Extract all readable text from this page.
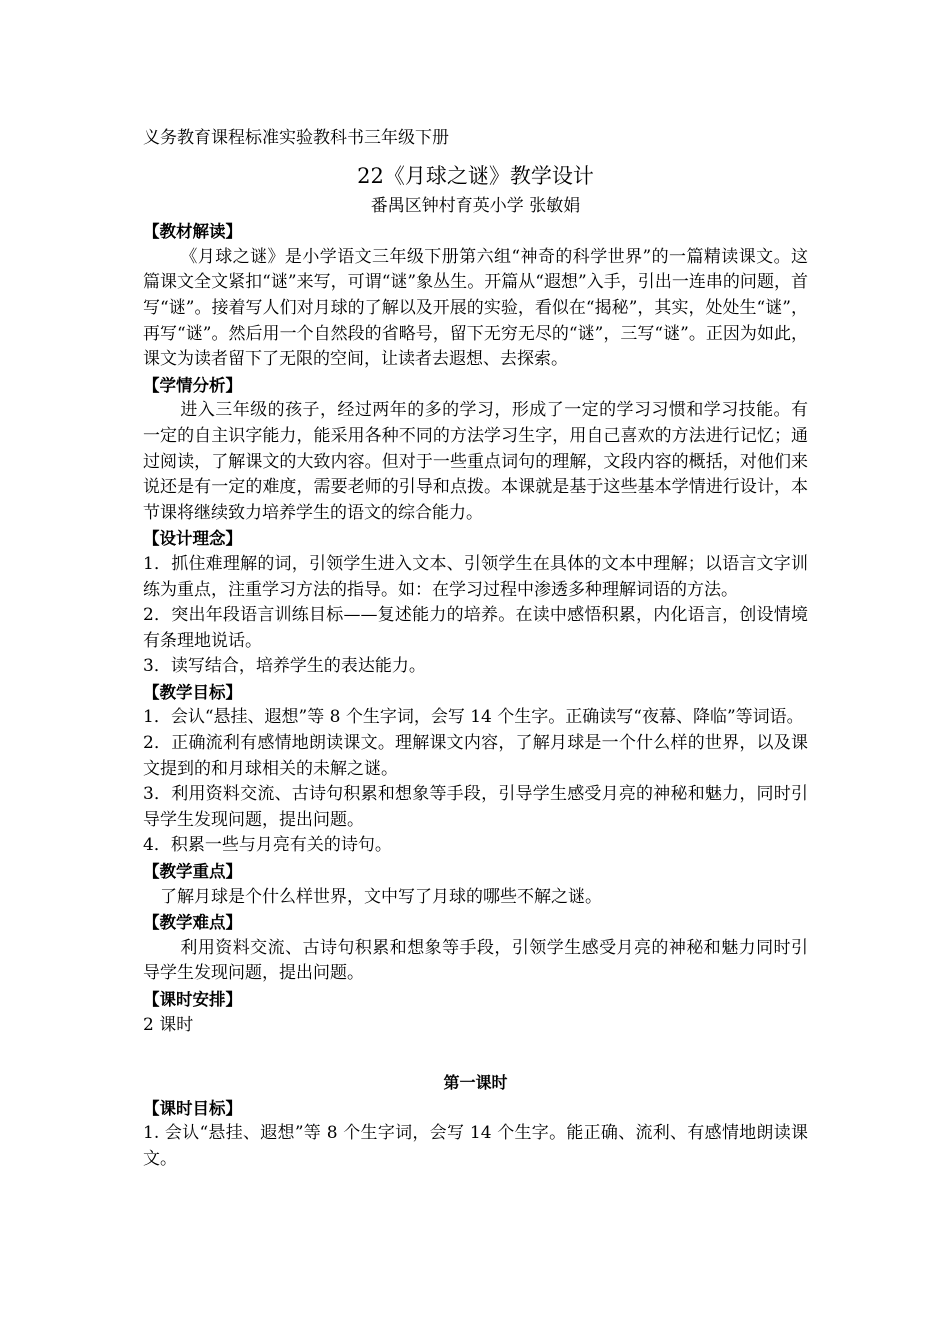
义务教育课程标准实验教科书三年级下册
22《月球之谜》教学设计
番禺区钟村育英小学 张敏娟
【教材解读】

《月球之谜》是小学语文三年级下册第六组“神奇的科学世界”的一篇精读课文。这篇课文全文紧扣“谜”来写，可谓“谜”象丛生。开篇从“遐想”入手，引出一连串的问题，首写“谜”。接着写人们对月球的了解以及开展的实验，看似在“揭秘”，其实，处处生“谜”，再写“谜”。然后用一个自然段的省略号，留下无穷无尽的“谜”，三写“谜”。正因为如此，课文为读者留下了无限的空间，让读者去遐想、去探索。

【学情分析】

进入三年级的孩子，经过两年的多的学习，形成了一定的学习习惯和学习技能。有一定的自主识字能力，能采用各种不同的方法学习生字，用自己喜欢的方法进行记忆；通过阅读，了解课文的大致内容。但对于一些重点词句的理解，文段内容的概括，对他们来说还是有一定的难度，需要老师的引导和点拨。本课就是基于这些基本学情进行设计，本节课将继续致力培养学生的语文的综合能力。

【设计理念】

1．抓住难理解的词，引领学生进入文本、引领学生在具体的文本中理解；以语言文字训练为重点，注重学习方法的指导。如：在学习过程中渗透多种理解词语的方法。

2．突出年段语言训练目标——复述能力的培养。在读中感悟积累，内化语言，创设情境有条理地说话。

3．读写结合，培养学生的表达能力。

【教学目标】

1．会认“悬挂、遐想”等 8 个生字词，会写 14 个生字。正确读写“夜幕、降临”等词语。

2．正确流利有感情地朗读课文。理解课文内容，了解月球是一个什么样的世界，以及课文提到的和月球相关的未解之谜。

3．利用资料交流、古诗句积累和想象等手段，引导学生感受月亮的神秘和魅力，同时引导学生发现问题，提出问题。

4．积累一些与月亮有关的诗句。

【教学重点】

了解月球是个什么样世界，文中写了月球的哪些不解之谜。

【教学难点】

利用资料交流、古诗句积累和想象等手段，引领学生感受月亮的神秘和魅力同时引导学生发现问题，提出问题。

【课时安排】

2 课时

第一课时
【课时目标】

1. 会认“悬挂、遐想”等 8 个生字词，会写 14 个生字。能正确、流利、有感情地朗读课文。
